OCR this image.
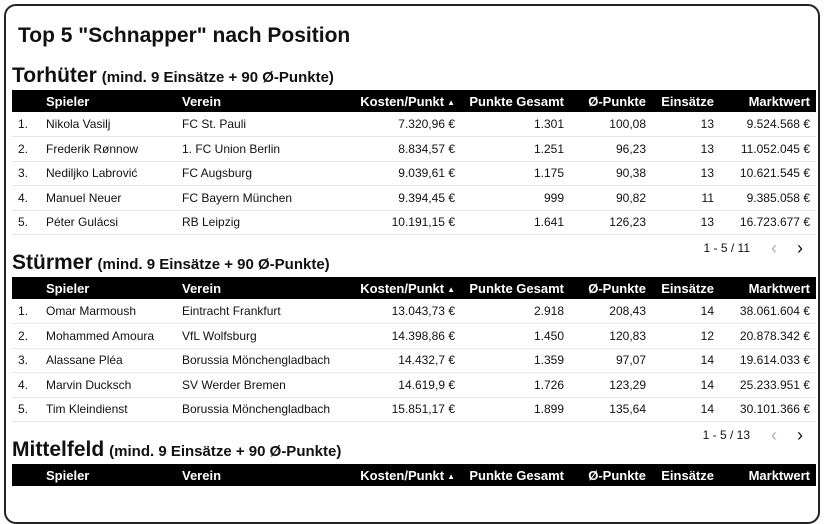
Top 5 "Schnapper" nach Position
Torhüter (mind. 9 Einsätze + 90 Ø-Punkte)
	Spieler	Verein	Kosten/Punkt ▲	Punkte Gesamt	Ø-Punkte	Einsätze	Marktwert
1.	Nikola Vasilj	FC St. Pauli	7.320,96 €	1.301	100,08	13	9.524.568 €
2.	Frederik Rønnow	1. FC Union Berlin	8.834,57 €	1.251	96,23	13	11.052.045 €
3.	Nediljko Labrović	FC Augsburg	9.039,61 €	1.175	90,38	13	10.621.545 €
4.	Manuel Neuer	FC Bayern München	9.394,45 €	999	90,82	11	9.385.058 €
5.	Péter Gulácsi	RB Leipzig	10.191,15 €	1.641	126,23	13	16.723.677 €
1 - 5 / 11 ‹ ›
Stürmer (mind. 9 Einsätze + 90 Ø-Punkte)
	Spieler	Verein	Kosten/Punkt ▲	Punkte Gesamt	Ø-Punkte	Einsätze	Marktwert
1.	Omar Marmoush	Eintracht Frankfurt	13.043,73 €	2.918	208,43	14	38.061.604 €
2.	Mohammed Amoura	VfL Wolfsburg	14.398,86 €	1.450	120,83	12	20.878.342 €
3.	Alassane Pléa	Borussia Mönchengladbach	14.432,7 €	1.359	97,07	14	19.614.033 €
4.	Marvin Ducksch	SV Werder Bremen	14.619,9 €	1.726	123,29	14	25.233.951 €
5.	Tim Kleindienst	Borussia Mönchengladbach	15.851,17 €	1.899	135,64	14	30.101.366 €
1 - 5 / 13 ‹ ›
Mittelfeld (mind. 9 Einsätze + 90 Ø-Punkte)
	Spieler	Verein	Kosten/Punkt ▲	Punkte Gesamt	Ø-Punkte	Einsätze	Marktwert
